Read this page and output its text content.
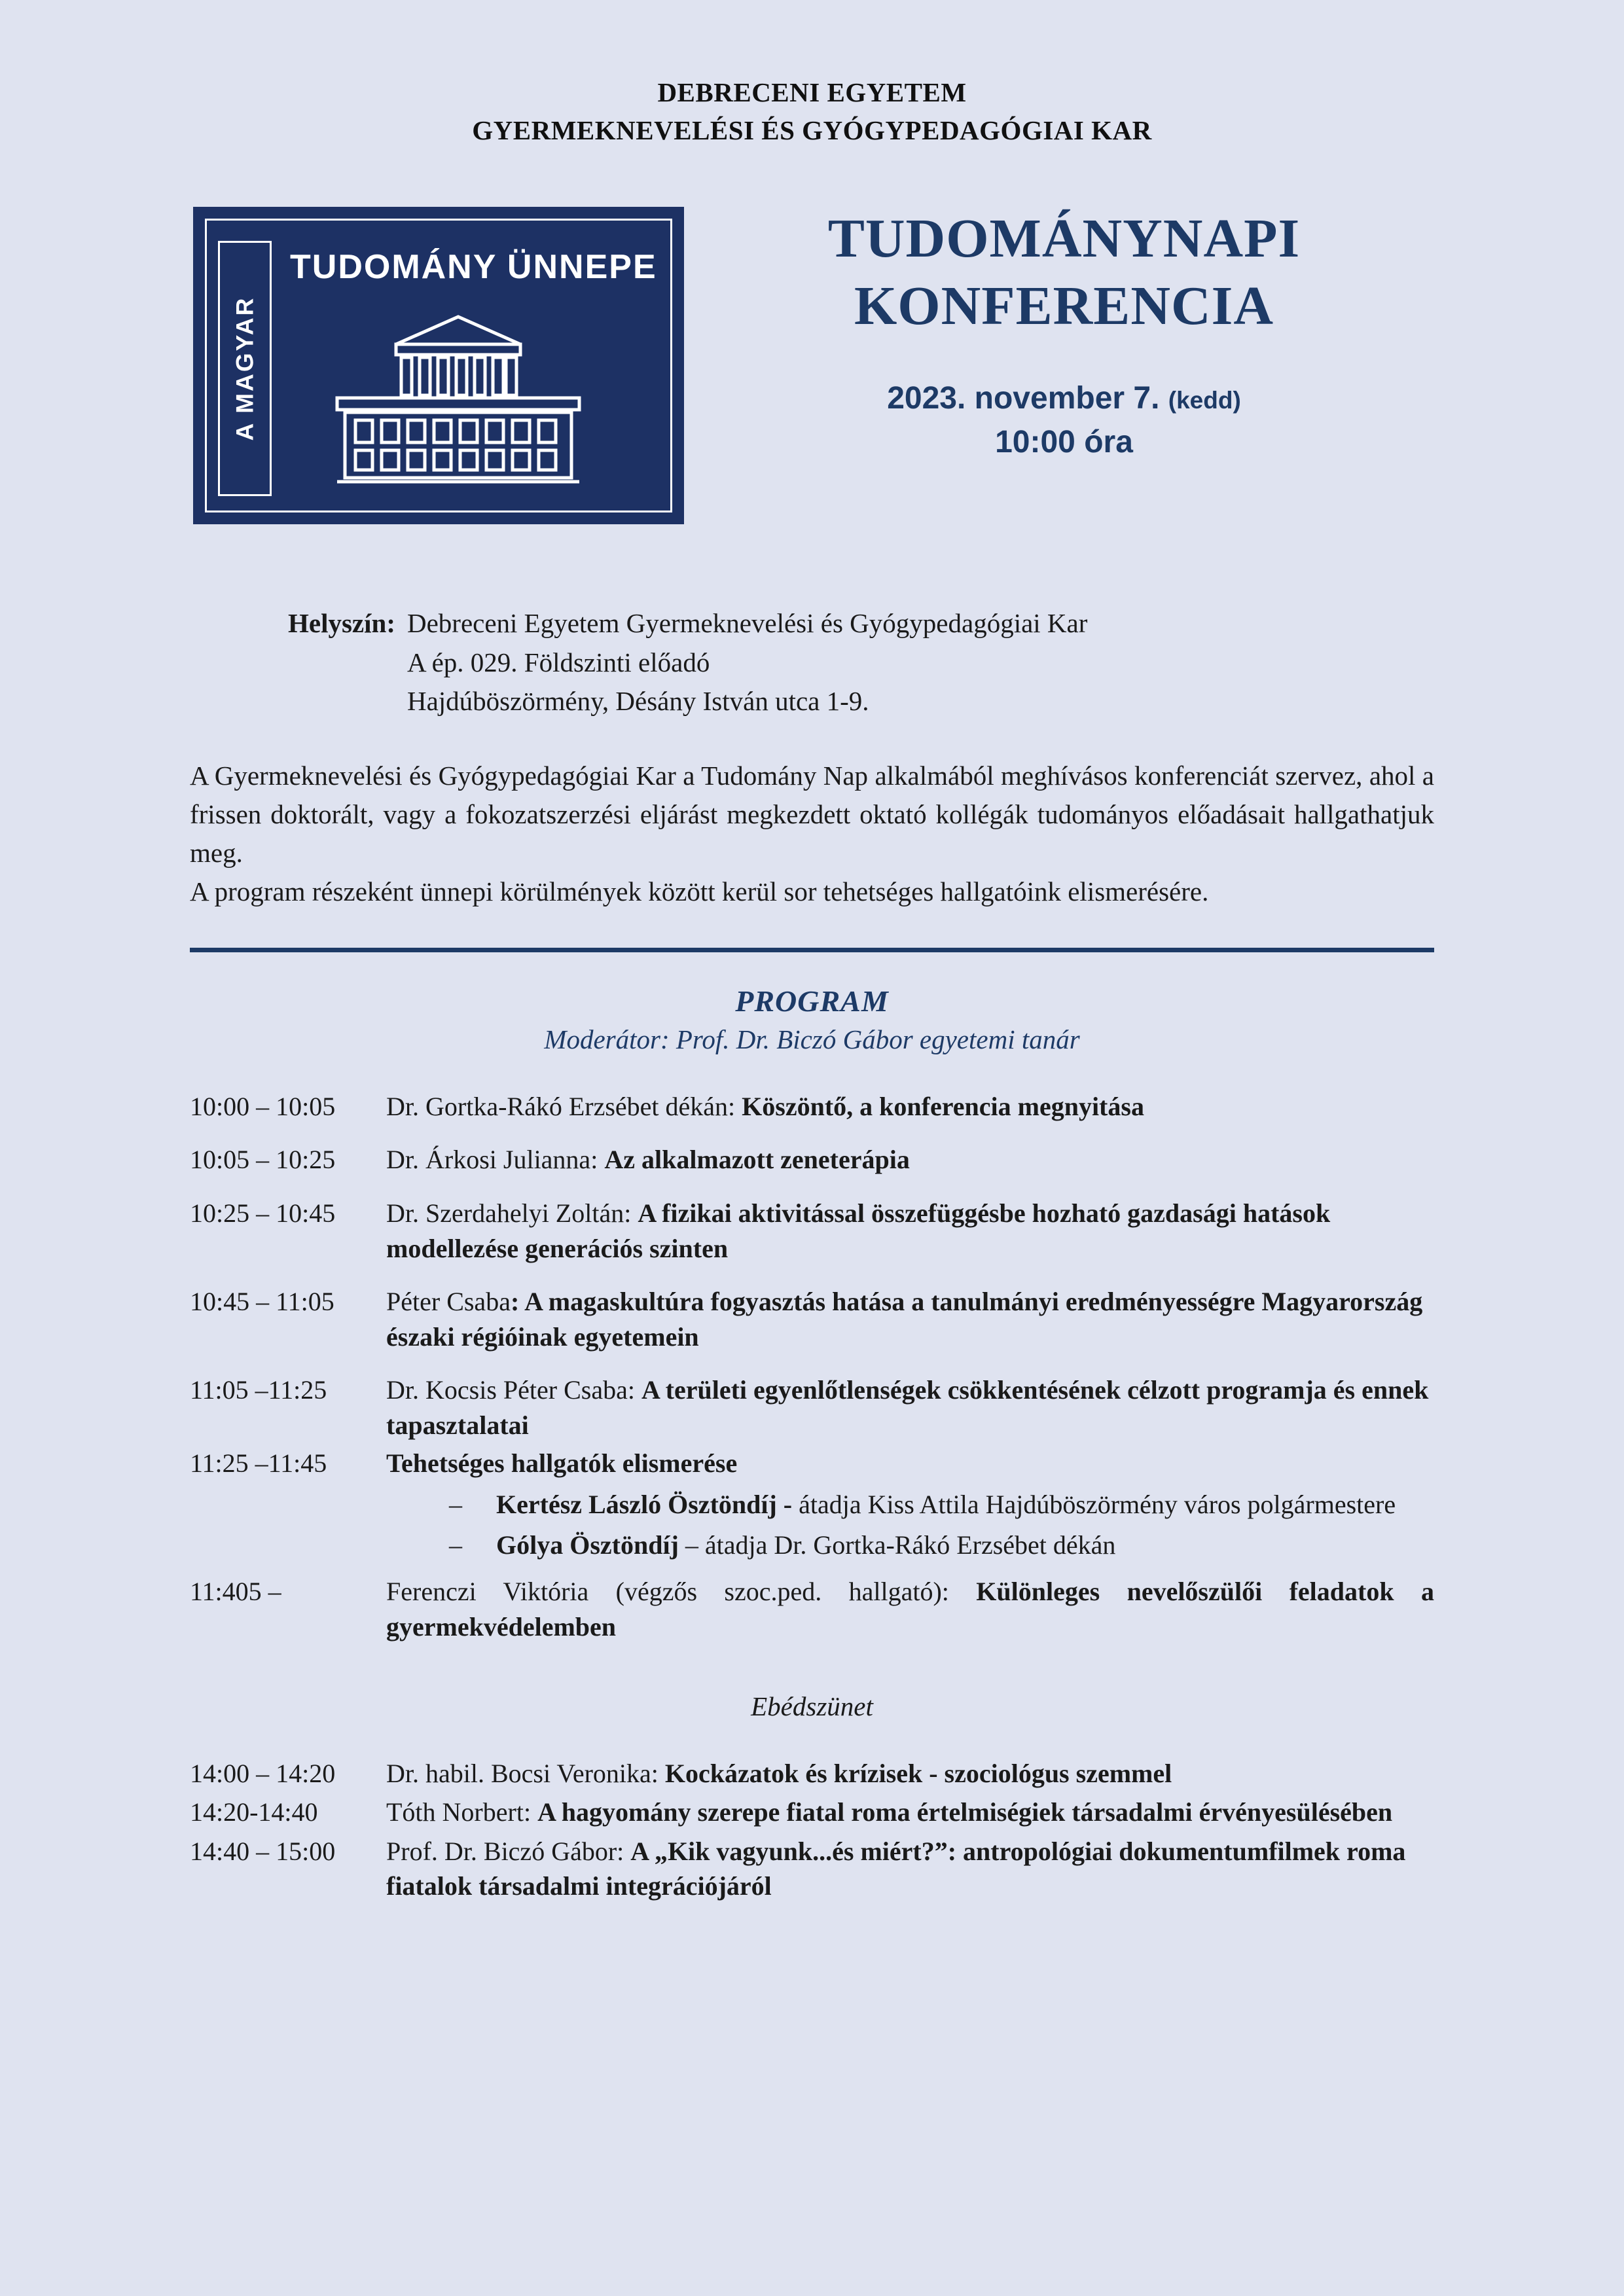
DEBRECENI EGYETEM
GYERMEKNEVELÉSI ÉS GYÓGYPEDAGÓGIAI KAR
A MAGYAR
TUDOMÁNY ÜNNEPE	TUDOMÁNYNAPI
KONFERENCIA
2023. november 7. (kedd)
10:00 óra
Helyszín: Debreceni Egyetem Gyermeknevelési és Gyógypedagógiai Kar
A ép. 029. Földszinti előadó
Hajdúböszörmény, Désány István utca 1-9.

A Gyermeknevelési és Gyógypedagógiai Kar a Tudomány Nap alkalmából meghívásos konferenciát szervez, ahol a frissen doktorált, vagy a fokozatszerzési eljárást megkezdett oktató kollégák tudományos előadásait hallgathatjuk meg.

A program részeként ünnepi körülmények között kerül sor tehetséges hallgatóink elismerésére.

PROGRAM
Moderátor: Prof. Dr. Biczó Gábor egyetemi tanár
10:00 – 10:05	Dr. Gortka-Rákó Erzsébet dékán: Köszöntő, a konferencia megnyitása
10:05 – 10:25	Dr. Árkosi Julianna: Az alkalmazott zeneterápia
10:25 – 10:45	Dr. Szerdahelyi Zoltán: A fizikai aktivitással összefüggésbe hozható gazdasági hatások modellezése generációs szinten
10:45 – 11:05	Péter Csaba: A magaskultúra fogyasztás hatása a tanulmányi eredményességre Magyarország északi régióinak egyetemein
11:05 –11:25	Dr. Kocsis Péter Csaba: A területi egyenlőtlenségek csökkentésének célzott programja és ennek tapasztalatai
11:25 –11:45	Tehetséges hallgatók elismerése
– Kertész László Ösztöndíj - átadja Kiss Attila Hajdúböszörmény város polgármestere
– Gólya Ösztöndíj – átadja Dr. Gortka-Rákó Erzsébet dékán

11:405 –	Ferenczi Viktória (végzős szoc.ped. hallgató): Különleges nevelőszülői feladatok a gyermekvédelemben
Ebédszünet
14:00 – 14:20	Dr. habil. Bocsi Veronika: Kockázatok és krízisek - szociológus szemmel
14:20-14:40	Tóth Norbert: A hagyomány szerepe fiatal roma értelmiségiek társadalmi érvényesülésében
14:40 – 15:00	Prof. Dr. Biczó Gábor: A „Kik vagyunk...és miért?”: antropológiai dokumentumfilmek roma fiatalok társadalmi integrációjáról
